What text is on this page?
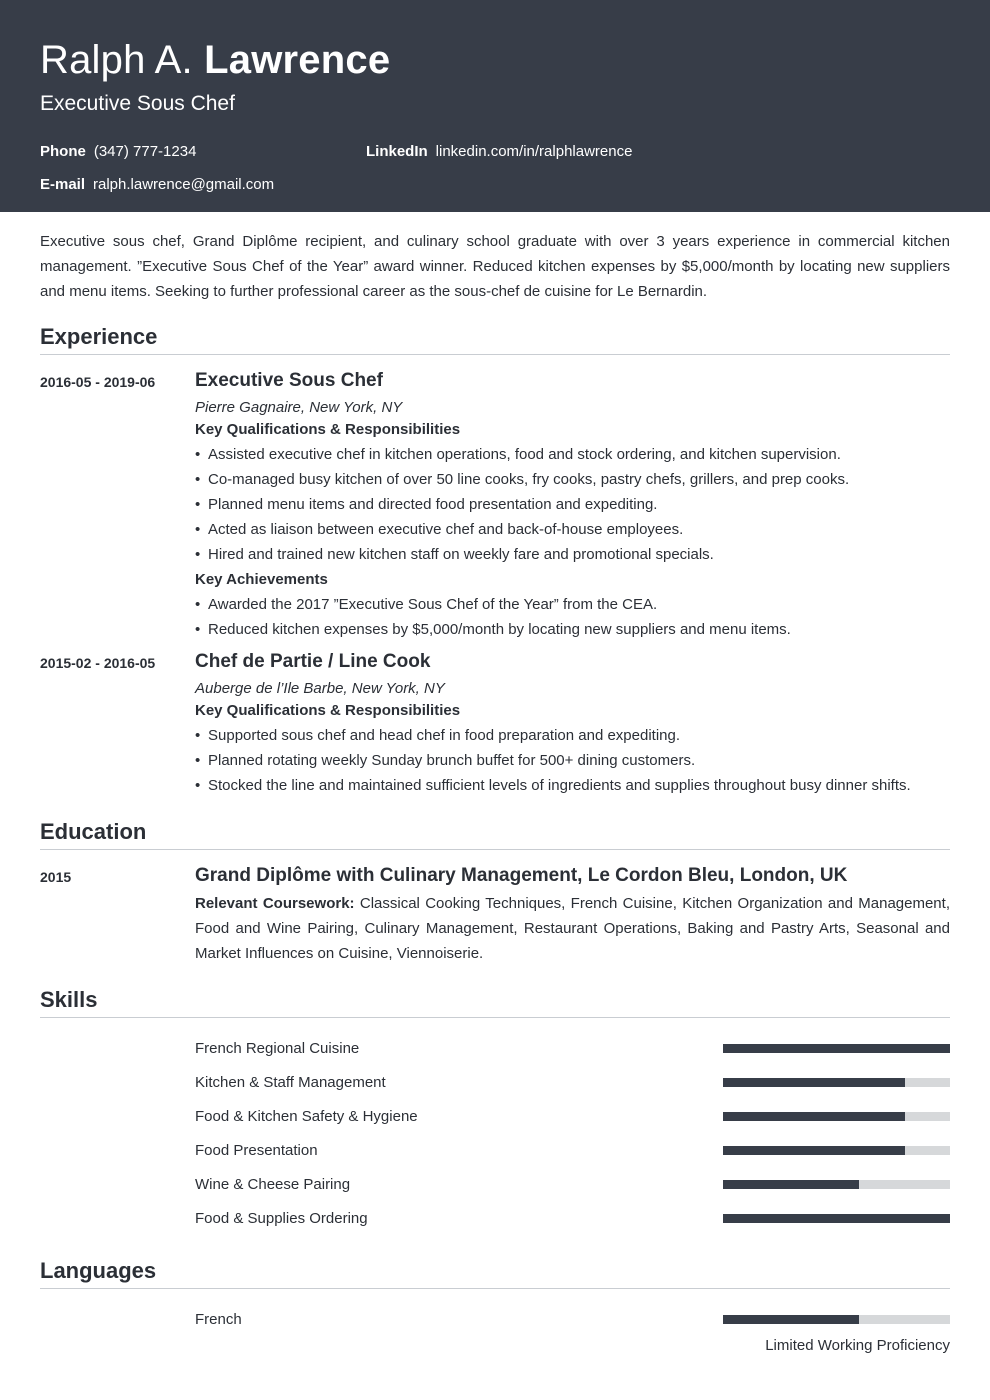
Ralph A. Lawrence
Executive Sous Chef
Phone (347) 777-1234	LinkedIn linkedin.com/in/ralphlawrence
E-mail ralph.lawrence@gmail.com

Executive sous chef, Grand Diplôme recipient, and culinary school graduate with over 3 years experience in commercial kitchen management. ”Executive Sous Chef of the Year” award winner. Reduced kitchen expenses by $5,000/month by locating new suppliers and menu items. Seeking to further professional career as the sous-chef de cuisine for Le Bernardin.

Experience
2016-05 - 2019-06	Executive Sous Chef
Pierre Gagnaire, New York, NY
Key Qualifications & Responsibilities
• Assisted executive chef in kitchen operations, food and stock ordering, and kitchen supervision.
• Co-managed busy kitchen of over 50 line cooks, fry cooks, pastry chefs, grillers, and prep cooks.
• Planned menu items and directed food presentation and expediting.
• Acted as liaison between executive chef and back-of-house employees.
• Hired and trained new kitchen staff on weekly fare and promotional specials.
Key Achievements
• Awarded the 2017 ”Executive Sous Chef of the Year” from the CEA.
• Reduced kitchen expenses by $5,000/month by locating new suppliers and menu items.
2015-02 - 2016-05	Chef de Partie / Line Cook
Auberge de l’Ile Barbe, New York, NY
Key Qualifications & Responsibilities
• Supported sous chef and head chef in food preparation and expediting.
• Planned rotating weekly Sunday brunch buffet for 500+ dining customers.
• Stocked the line and maintained sufficient levels of ingredients and supplies throughout busy dinner shifts.
Education
2015	Grand Diplôme with Culinary Management, Le Cordon Bleu, London, UK
Relevant Coursework: Classical Cooking Techniques, French Cuisine, Kitchen Organization and Management, Food and Wine Pairing, Culinary Management, Restaurant Operations, Baking and Pastry Arts, Seasonal and Market Influences on Cuisine, Viennoiserie.
Skills
French Regional Cuisine
Kitchen & Staff Management
Food & Kitchen Safety & Hygiene
Food Presentation
Wine & Cheese Pairing
Food & Supplies Ordering
Languages
French
Limited Working Proficiency
